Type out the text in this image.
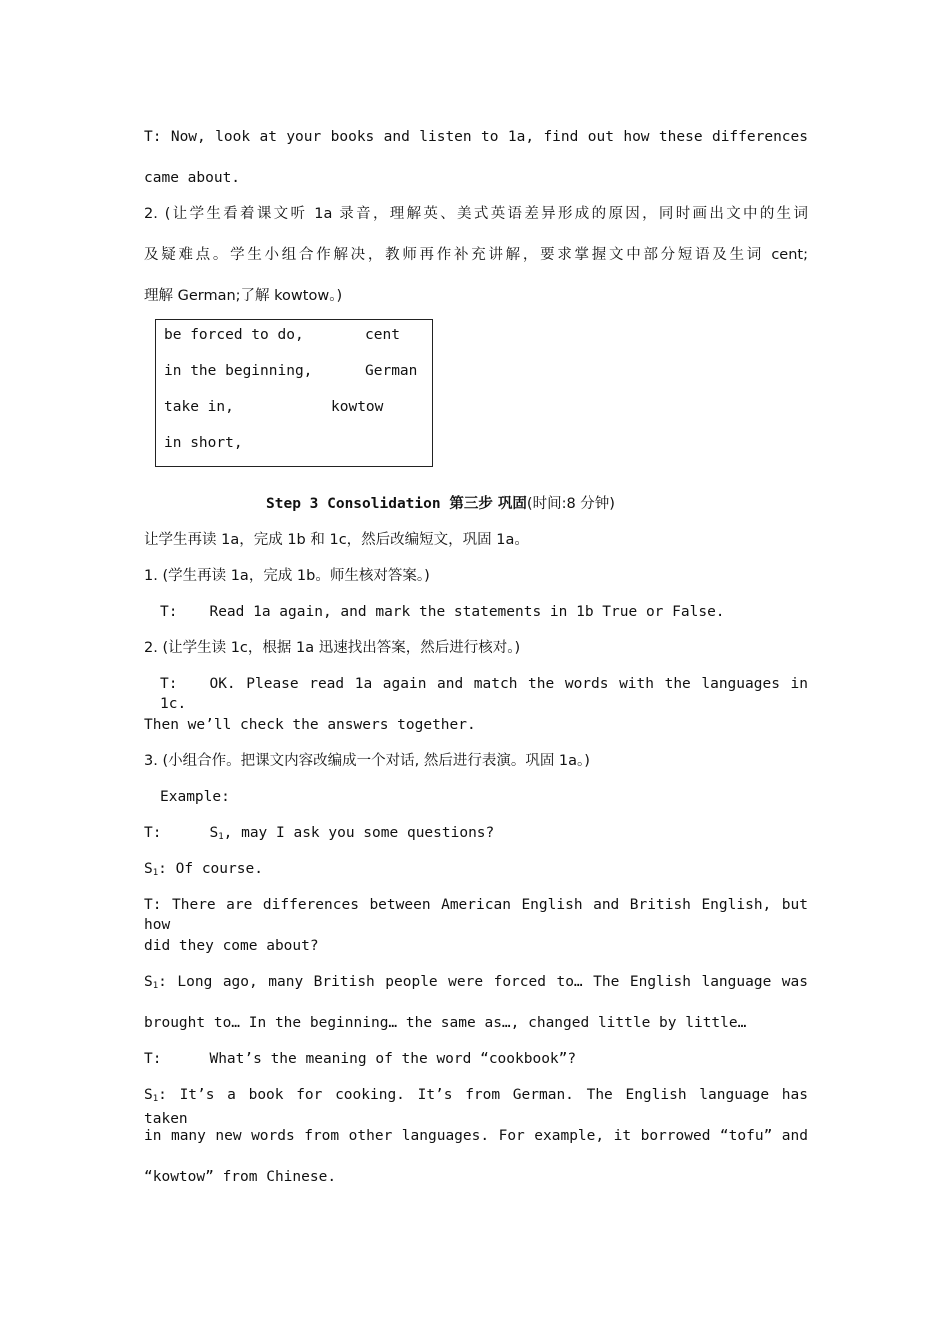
T: Now, look at your books and listen to 1a, find out how these differences
came about.
2. (让学生看着课文听 1a 录音，理解英、美式英语差异形成的原因，同时画出文中的生词
及疑难点。学生小组合作解决，教师再作补充讲解，要求掌握文中部分短语及生词 cent;
理解 German;了解 kowtow。)
be forced to do,	cent
in the beginning,	German
take in,	kowtow
in short,
Step 3 Consolidation 第三步 巩固(时间:8 分钟)
让学生再读 1a，完成 1b 和 1c，然后改编短文，巩固 1a。
1. (学生再读 1a，完成 1b。师生核对答案。)
T: Read 1a again, and mark the statements in 1b True or False.
2. (让学生读 1c，根据 1a 迅速找出答案，然后进行核对。)
T: OK. Please read 1a again and match the words with the languages in 1c.
Then we’ll check the answers together.
3. (小组合作。把课文内容改编成一个对话, 然后进行表演。巩固 1a。)
Example:
T:	$S_1$, may I ask you some questions?
$S_1$: Of course.
T: There are differences between American English and British English, but how
did they come about?
$S_1$: Long ago, many British people were forced to… The English language was
brought to… In the beginning… the same as…, changed little by little…
T:	What’s the meaning of the word “cookbook”?
$S_1$: It’s a book for cooking. It’s from German. The English language has taken
in many new words from other languages. For example, it borrowed “tofu” and
“kowtow” from Chinese.
